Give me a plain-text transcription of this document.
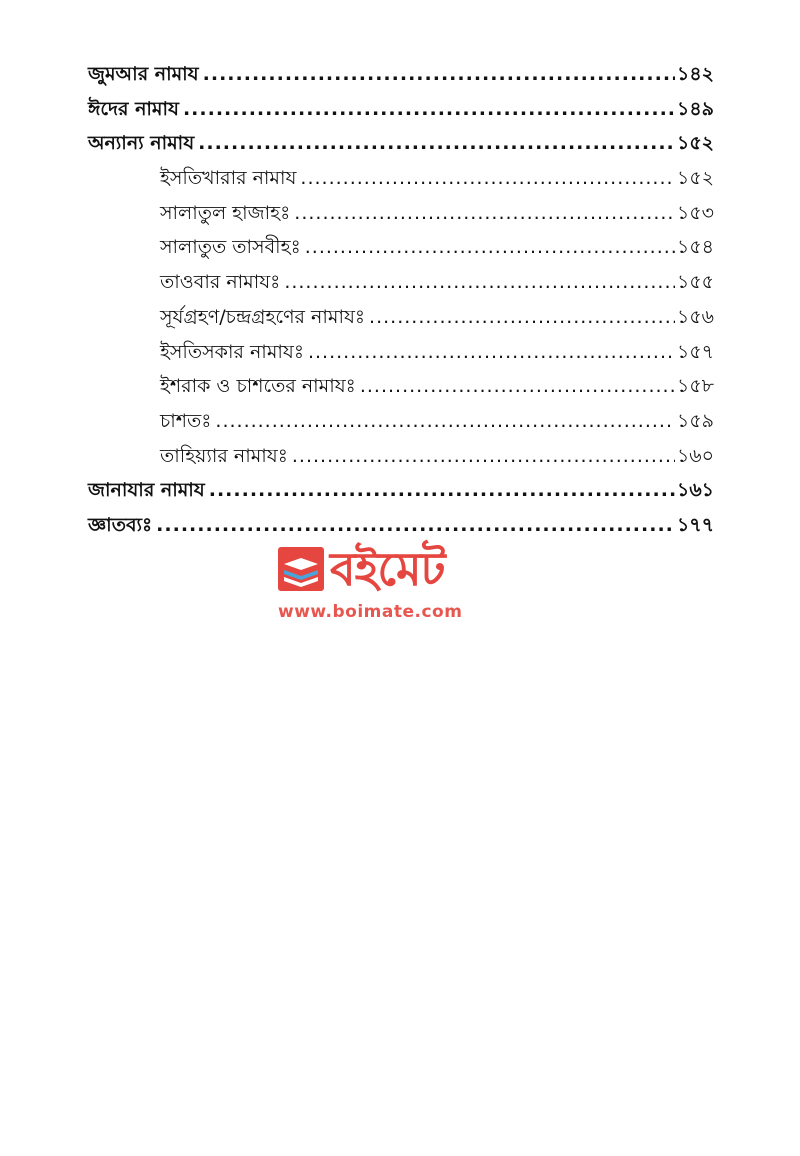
জুমআর নামায .....	১৪২
ঈদের নামায .....	১৪৯
অন্যান্য নামায .....	১৫২
ইসতিখারার নামায .....	১৫২
সালাতুল হাজাহঃ .....	১৫৩
সালাতুত তাসবীহঃ .....	১৫৪
তাওবার নামাযঃ .....	১৫৫
সূর্যগ্রহণ/চন্দ্রগ্রহণের নামাযঃ .....	১৫৬
ইসতিসকার নামাযঃ .....	১৫৭
ইশরাক ও চাশতের নামাযঃ .....	১৫৮
চাশতঃ .....	১৫৯
তাহিয়্যার নামাযঃ .....	১৬০
জানাযার নামায .....	১৬১
জ্ঞাতব্যঃ .....	১৭৭
বইমেট
www.boimate.com
